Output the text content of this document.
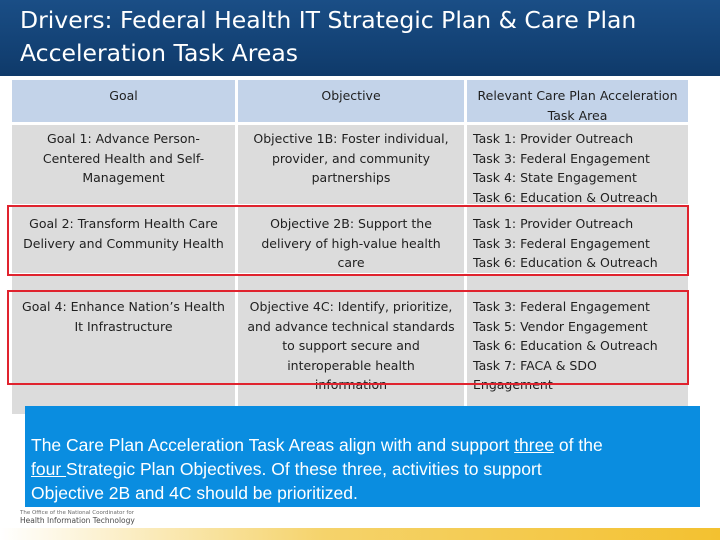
Drivers: Federal Health IT Strategic Plan & Care Plan
Acceleration Task Areas
Goal	Objective	Relevant Care Plan Acceleration
Task Area
Goal 1: Advance Person-
Centered Health and Self-
Management
Objective 1B: Foster individual,
provider, and community
partnerships
Task 1: Provider Outreach
Task 3: Federal Engagement
Task 4: State Engagement
Task 6: Education & Outreach
Goal 2: Transform Health Care
Delivery and Community Health
Objective 2B: Support the
delivery of high-value health
care
Task 1: Provider Outreach
Task 3: Federal Engagement
Task 6: Education & Outreach
Goal 4: Enhance Nation’s Health
It Infrastructure
Objective 4C: Identify, prioritize,
and advance technical standards
to support secure and
interoperable health
information
Task 3: Federal Engagement
Task 5: Vendor Engagement
Task 6: Education & Outreach
Task 7: FACA & SDO
Engagement
The Care Plan Acceleration Task Areas align with and support three of the
four Strategic Plan Objectives. Of these three, activities to support
Objective 2B and 4C should be prioritized.
The Office of the National Coordinator for
Health Information Technology
